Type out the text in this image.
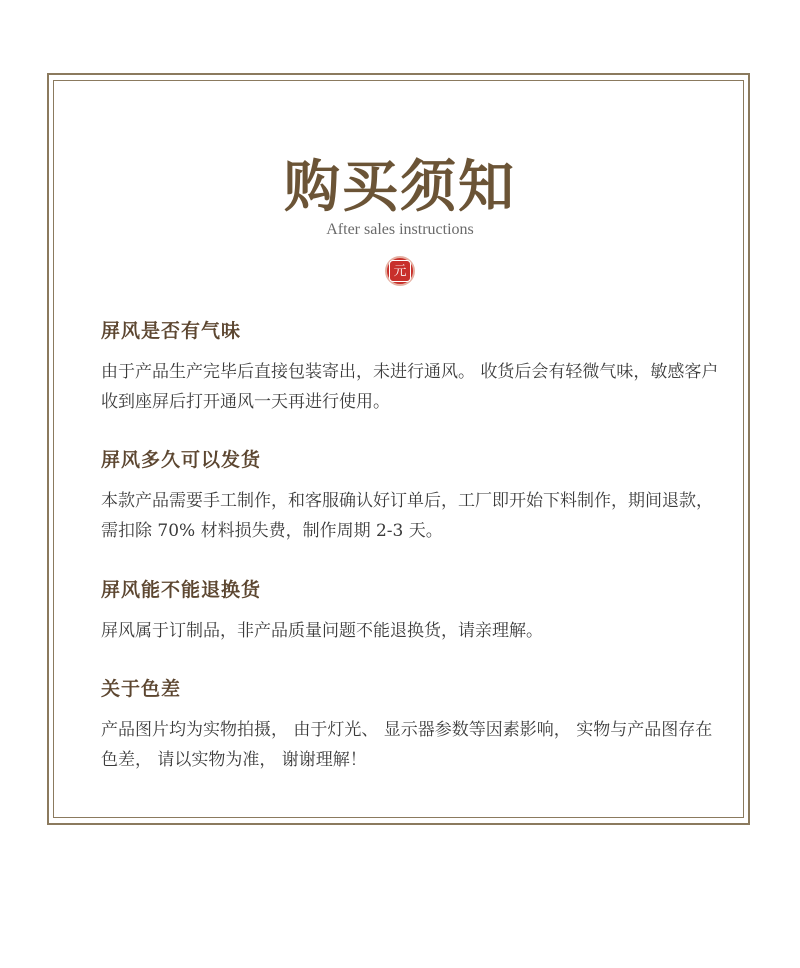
购买须知
After sales instructions
元
屏风是否有气味

由于产品生产完毕后直接包装寄出，未进行通风。 收货后会有轻微气味，敏感客户收到座屏后打开通风一天再进行使用。

屏风多久可以发货

本款产品需要手工制作，和客服确认好订单后，工厂即开始下料制作，期间退款，需扣除 70% 材料损失费，制作周期 2-3 天。

屏风能不能退换货

屏风属于订制品，非产品质量问题不能退换货，请亲理解。

关于色差

产品图片均为实物拍摄， 由于灯光、 显示器参数等因素影响， 实物与产品图存在色差， 请以实物为准， 谢谢理解！
